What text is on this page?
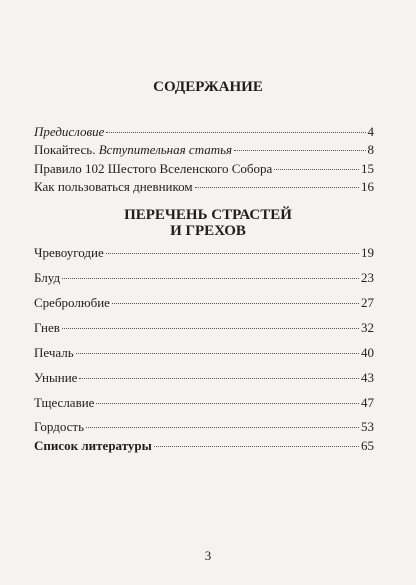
СОДЕРЖАНИЕ
Предисловие	4
Покайтесь. Вступительная статья	8
Правило 102 Шестого Вселенского Собора	15
Как пользоваться дневником	16
ПЕРЕЧЕНЬ СТРАСТЕЙ
И ГРЕХОВ
Чревоугодие	19
Блуд	23
Сребролюбие	27
Гнев	32
Печаль	40
Уныние	43
Тщеславие	47
Гордость	53
Список литературы	65
3
